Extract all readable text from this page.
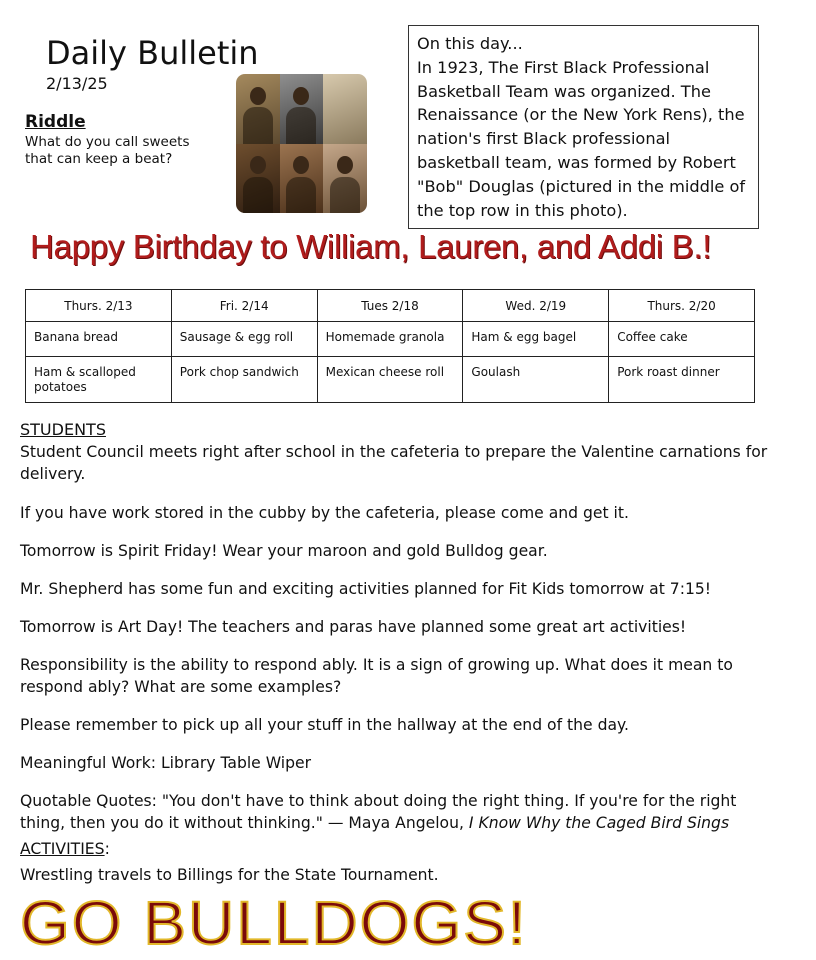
Daily Bulletin
2/13/25
Riddle
What do you call sweets that can keep a beat?
On this day...
In 1923, The First Black Professional Basketball Team was organized. The Renaissance (or the New York Rens), the nation's first Black professional basketball team, was formed by Robert "Bob" Douglas (pictured in the middle of the top row in this photo).
Happy Birthday to William, Lauren, and Addi B.!
Thurs. 2/13	Fri. 2/14	Tues 2/18	Wed. 2/19	Thurs. 2/20
Banana bread	Sausage & egg roll	Homemade granola	Ham & egg bagel	Coffee cake
Ham & scalloped potatoes	Pork chop sandwich	Mexican cheese roll	Goulash	Pork roast dinner
STUDENTS
Student Council meets right after school in the cafeteria to prepare the Valentine carnations for delivery.
If you have work stored in the cubby by the cafeteria, please come and get it.
Tomorrow is Spirit Friday! Wear your maroon and gold Bulldog gear.
Mr. Shepherd has some fun and exciting activities planned for Fit Kids tomorrow at 7:15!
Tomorrow is Art Day! The teachers and paras have planned some great art activities!
Responsibility is the ability to respond ably. It is a sign of growing up. What does it mean to respond ably? What are some examples?
Please remember to pick up all your stuff in the hallway at the end of the day.
Meaningful Work: Library Table Wiper
Quotable Quotes: "You don't have to think about doing the right thing. If you're for the right thing, then you do it without thinking." — Maya Angelou, I Know Why the Caged Bird Sings
ACTIVITIES:
Wrestling travels to Billings for the State Tournament.
GO BULLDOGS!
